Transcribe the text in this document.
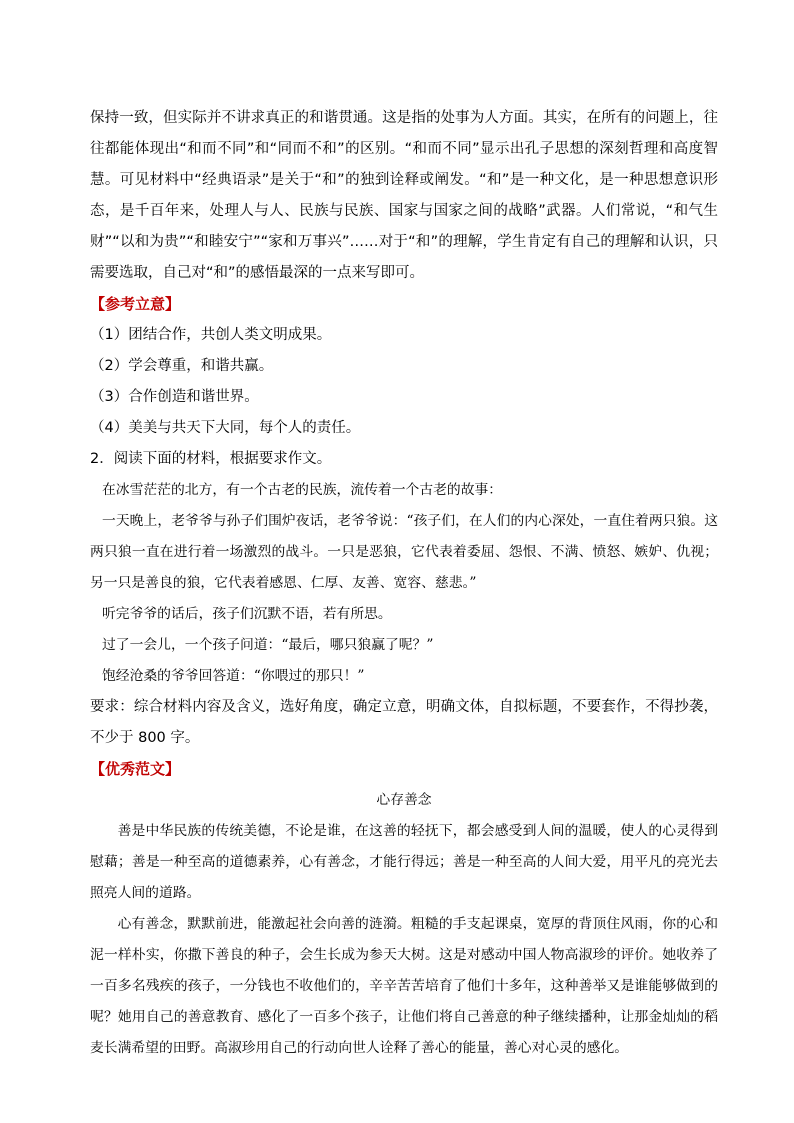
保持一致，但实际并不讲求真正的和谐贯通。这是指的处事为人方面。其实，在所有的问题上，往往都能体现出“和而不同”和“同而不和”的区别。“和而不同”显示出孔子思想的深刻哲理和高度智慧。可见材料中“经典语录”是关于“和”的独到诠释或阐发。“和”是一种文化，是一种思想意识形态，是千百年来，处理人与人、民族与民族、国家与国家之间的战略”武器。人们常说，“和气生财”“以和为贵”“和睦安宁”“家和万事兴”……对于“和”的理解，学生肯定有自己的理解和认识，只需要选取，自己对“和”的感悟最深的一点来写即可。

【参考立意】

（1）团结合作，共创人类文明成果。

（2）学会尊重，和谐共赢。

（3）合作创造和谐世界。

（4）美美与共天下大同，每个人的责任。

2．阅读下面的材料，根据要求作文。

在冰雪茫茫的北方，有一个古老的民族，流传着一个古老的故事：

一天晚上，老爷爷与孙子们围炉夜话，老爷爷说：“孩子们，在人们的内心深处，一直住着两只狼。这两只狼一直在进行着一场激烈的战斗。一只是恶狼，它代表着委屈、怨恨、不满、愤怒、嫉妒、仇视；另一只是善良的狼，它代表着感恩、仁厚、友善、宽容、慈悲。”

听完爷爷的话后，孩子们沉默不语，若有所思。

过了一会儿，一个孩子问道：“最后，哪只狼赢了呢？”

饱经沧桑的爷爷回答道：“你喂过的那只！”

要求：综合材料内容及含义，选好角度，确定立意，明确文体，自拟标题，不要套作，不得抄袭，不少于 800 字。

【优秀范文】

心存善念

善是中华民族的传统美德，不论是谁，在这善的轻抚下，都会感受到人间的温暖，使人的心灵得到慰藉；善是一种至高的道德素养，心有善念，才能行得远；善是一种至高的人间大爱，用平凡的亮光去照亮人间的道路。

心有善念，默默前进，能激起社会向善的涟漪。粗糙的手支起课桌，宽厚的背顶住风雨，你的心和泥一样朴实，你撒下善良的种子，会生长成为参天大树。这是对感动中国人物高淑珍的评价。她收养了一百多名残疾的孩子，一分钱也不收他们的，辛辛苦苦培育了他们十多年，这种善举又是谁能够做到的呢？她用自己的善意教育、感化了一百多个孩子，让他们将自己善意的种子继续播种，让那金灿灿的稻麦长满希望的田野。高淑珍用自己的行动向世人诠释了善心的能量，善心对心灵的感化。
